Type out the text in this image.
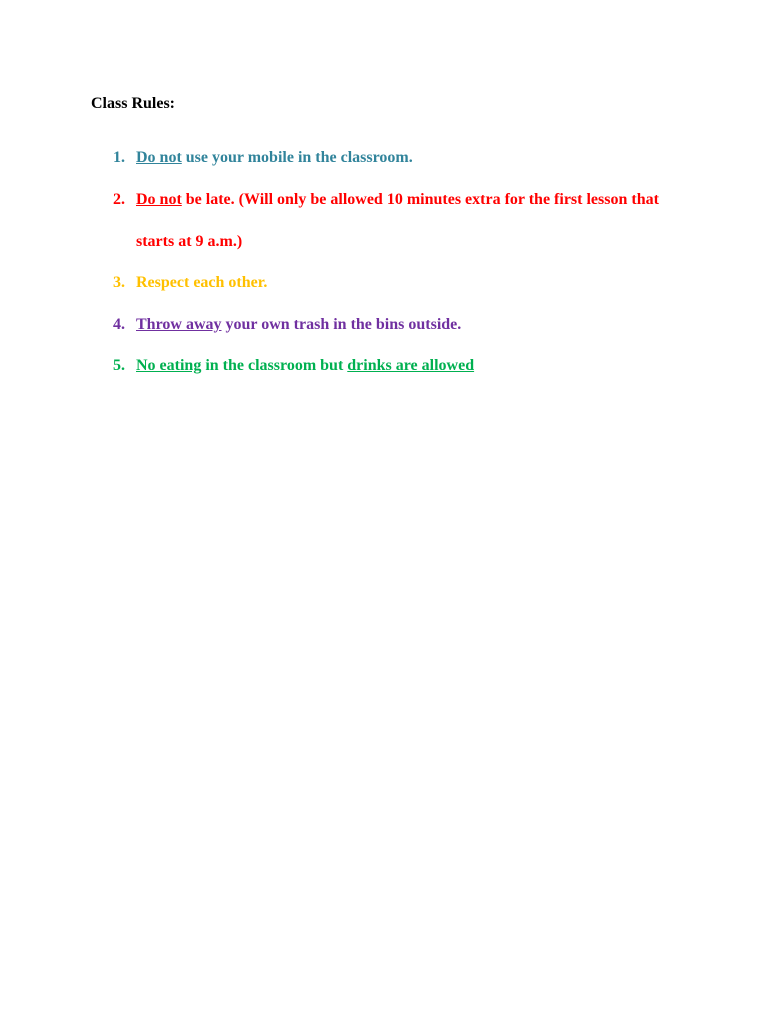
Class Rules:
1. Do not use your mobile in the classroom.
2. Do not be late. (Will only be allowed 10 minutes extra for the first lesson that starts at 9 a.m.)
3. Respect each other.
4. Throw away your own trash in the bins outside.
5. No eating in the classroom but drinks are allowed
